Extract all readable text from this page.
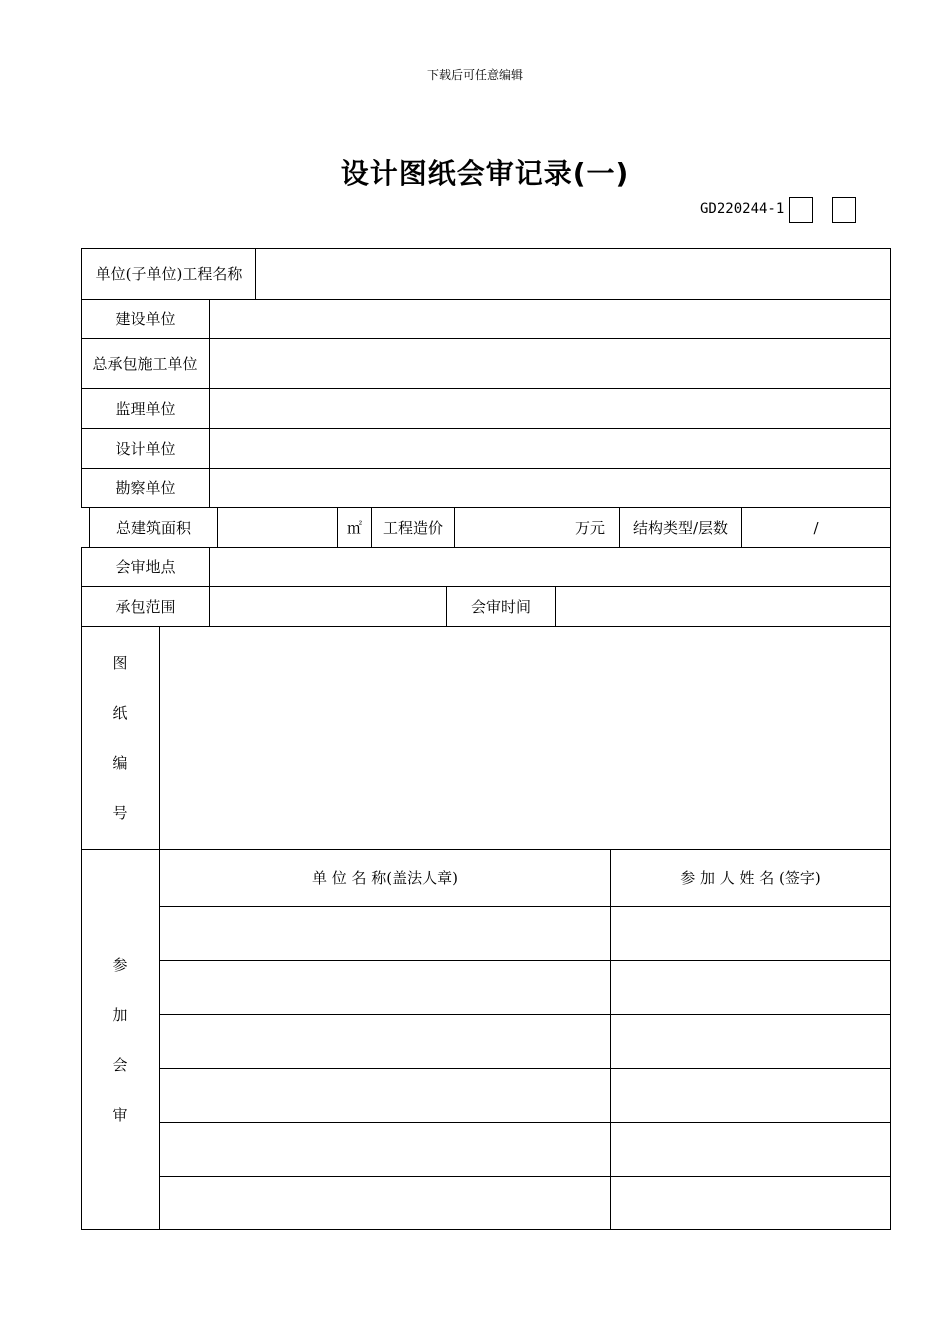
下载后可任意编辑
设计图纸会审记录(一)
GD220244-1
单位(子单位)工程名称
建设单位
总承包施工单位
监理单位
设计单位
勘察单位
总建筑面积	㎡	工程造价	万元	结构类型/层数	/
会审地点
承包范围	会审时间
图
纸
编
号
参
加
会
审
单 位 名 称(盖法人章)	参 加 人 姓 名 (签字)
